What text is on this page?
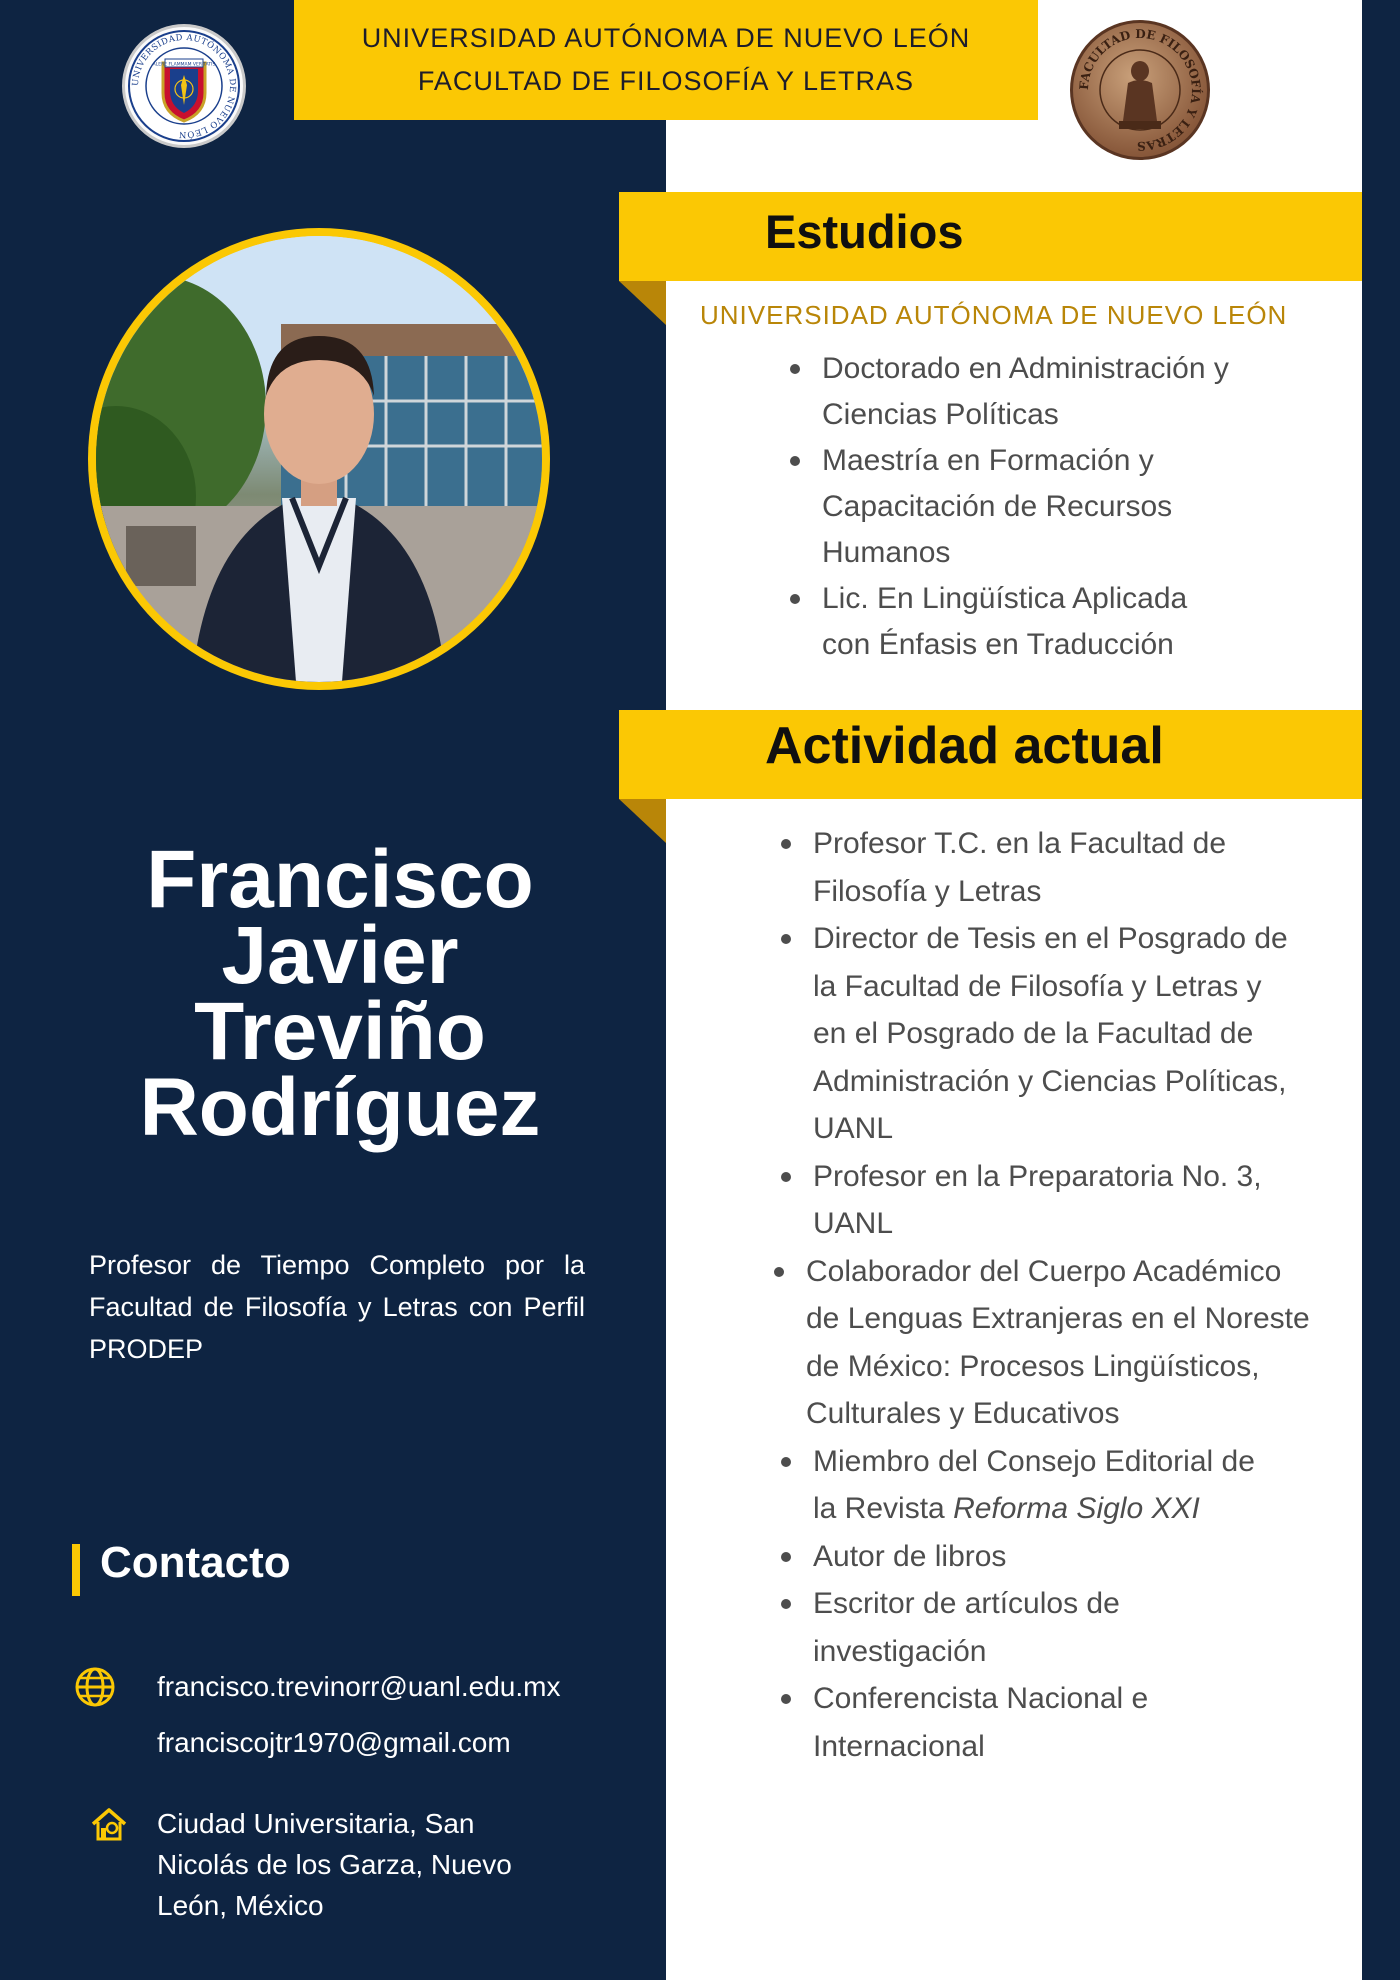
UNIVERSIDAD AUTÓNOMA DE NUEVO LEÓN
ALERE FLAMMAM VERITATIS
FACULTAD DE FILOSOFÍA Y LETRAS
UNIVERSIDAD AUTÓNOMA DE NUEVO LEÓN
FACULTAD DE FILOSOFÍA Y LETRAS
Francisco
Javier
Treviño
Rodríguez
Profesor de Tiempo Completo por la Facultad de Filosofía y Letras con Perfil PRODEP
Contacto
francisco.trevinorr@uanl.edu.mx
franciscojtr1970@gmail.com
Ciudad Universitaria, San
Nicolás de los Garza, Nuevo
León, México
Estudios
UNIVERSIDAD AUTÓNOMA DE NUEVO LEÓN
Doctorado en Administración y
Ciencias Políticas
Maestría en Formación y
Capacitación de Recursos
Humanos
Lic. En Lingüística Aplicada
con Énfasis en Traducción
Actividad actual
Profesor T.C. en la Facultad de
Filosofía y Letras
Director de Tesis en el Posgrado de
la Facultad de Filosofía y Letras y
en el Posgrado de la Facultad de
Administración y Ciencias Políticas,
UANL
Profesor en la Preparatoria No. 3,
UANL
Colaborador del Cuerpo Académico
de Lenguas Extranjeras en el Noreste
de México: Procesos Lingüísticos,
Culturales y Educativos
Miembro del Consejo Editorial de
la Revista Reforma Siglo XXI
Autor de libros
Escritor de artículos de
investigación
Conferencista Nacional e
Internacional
